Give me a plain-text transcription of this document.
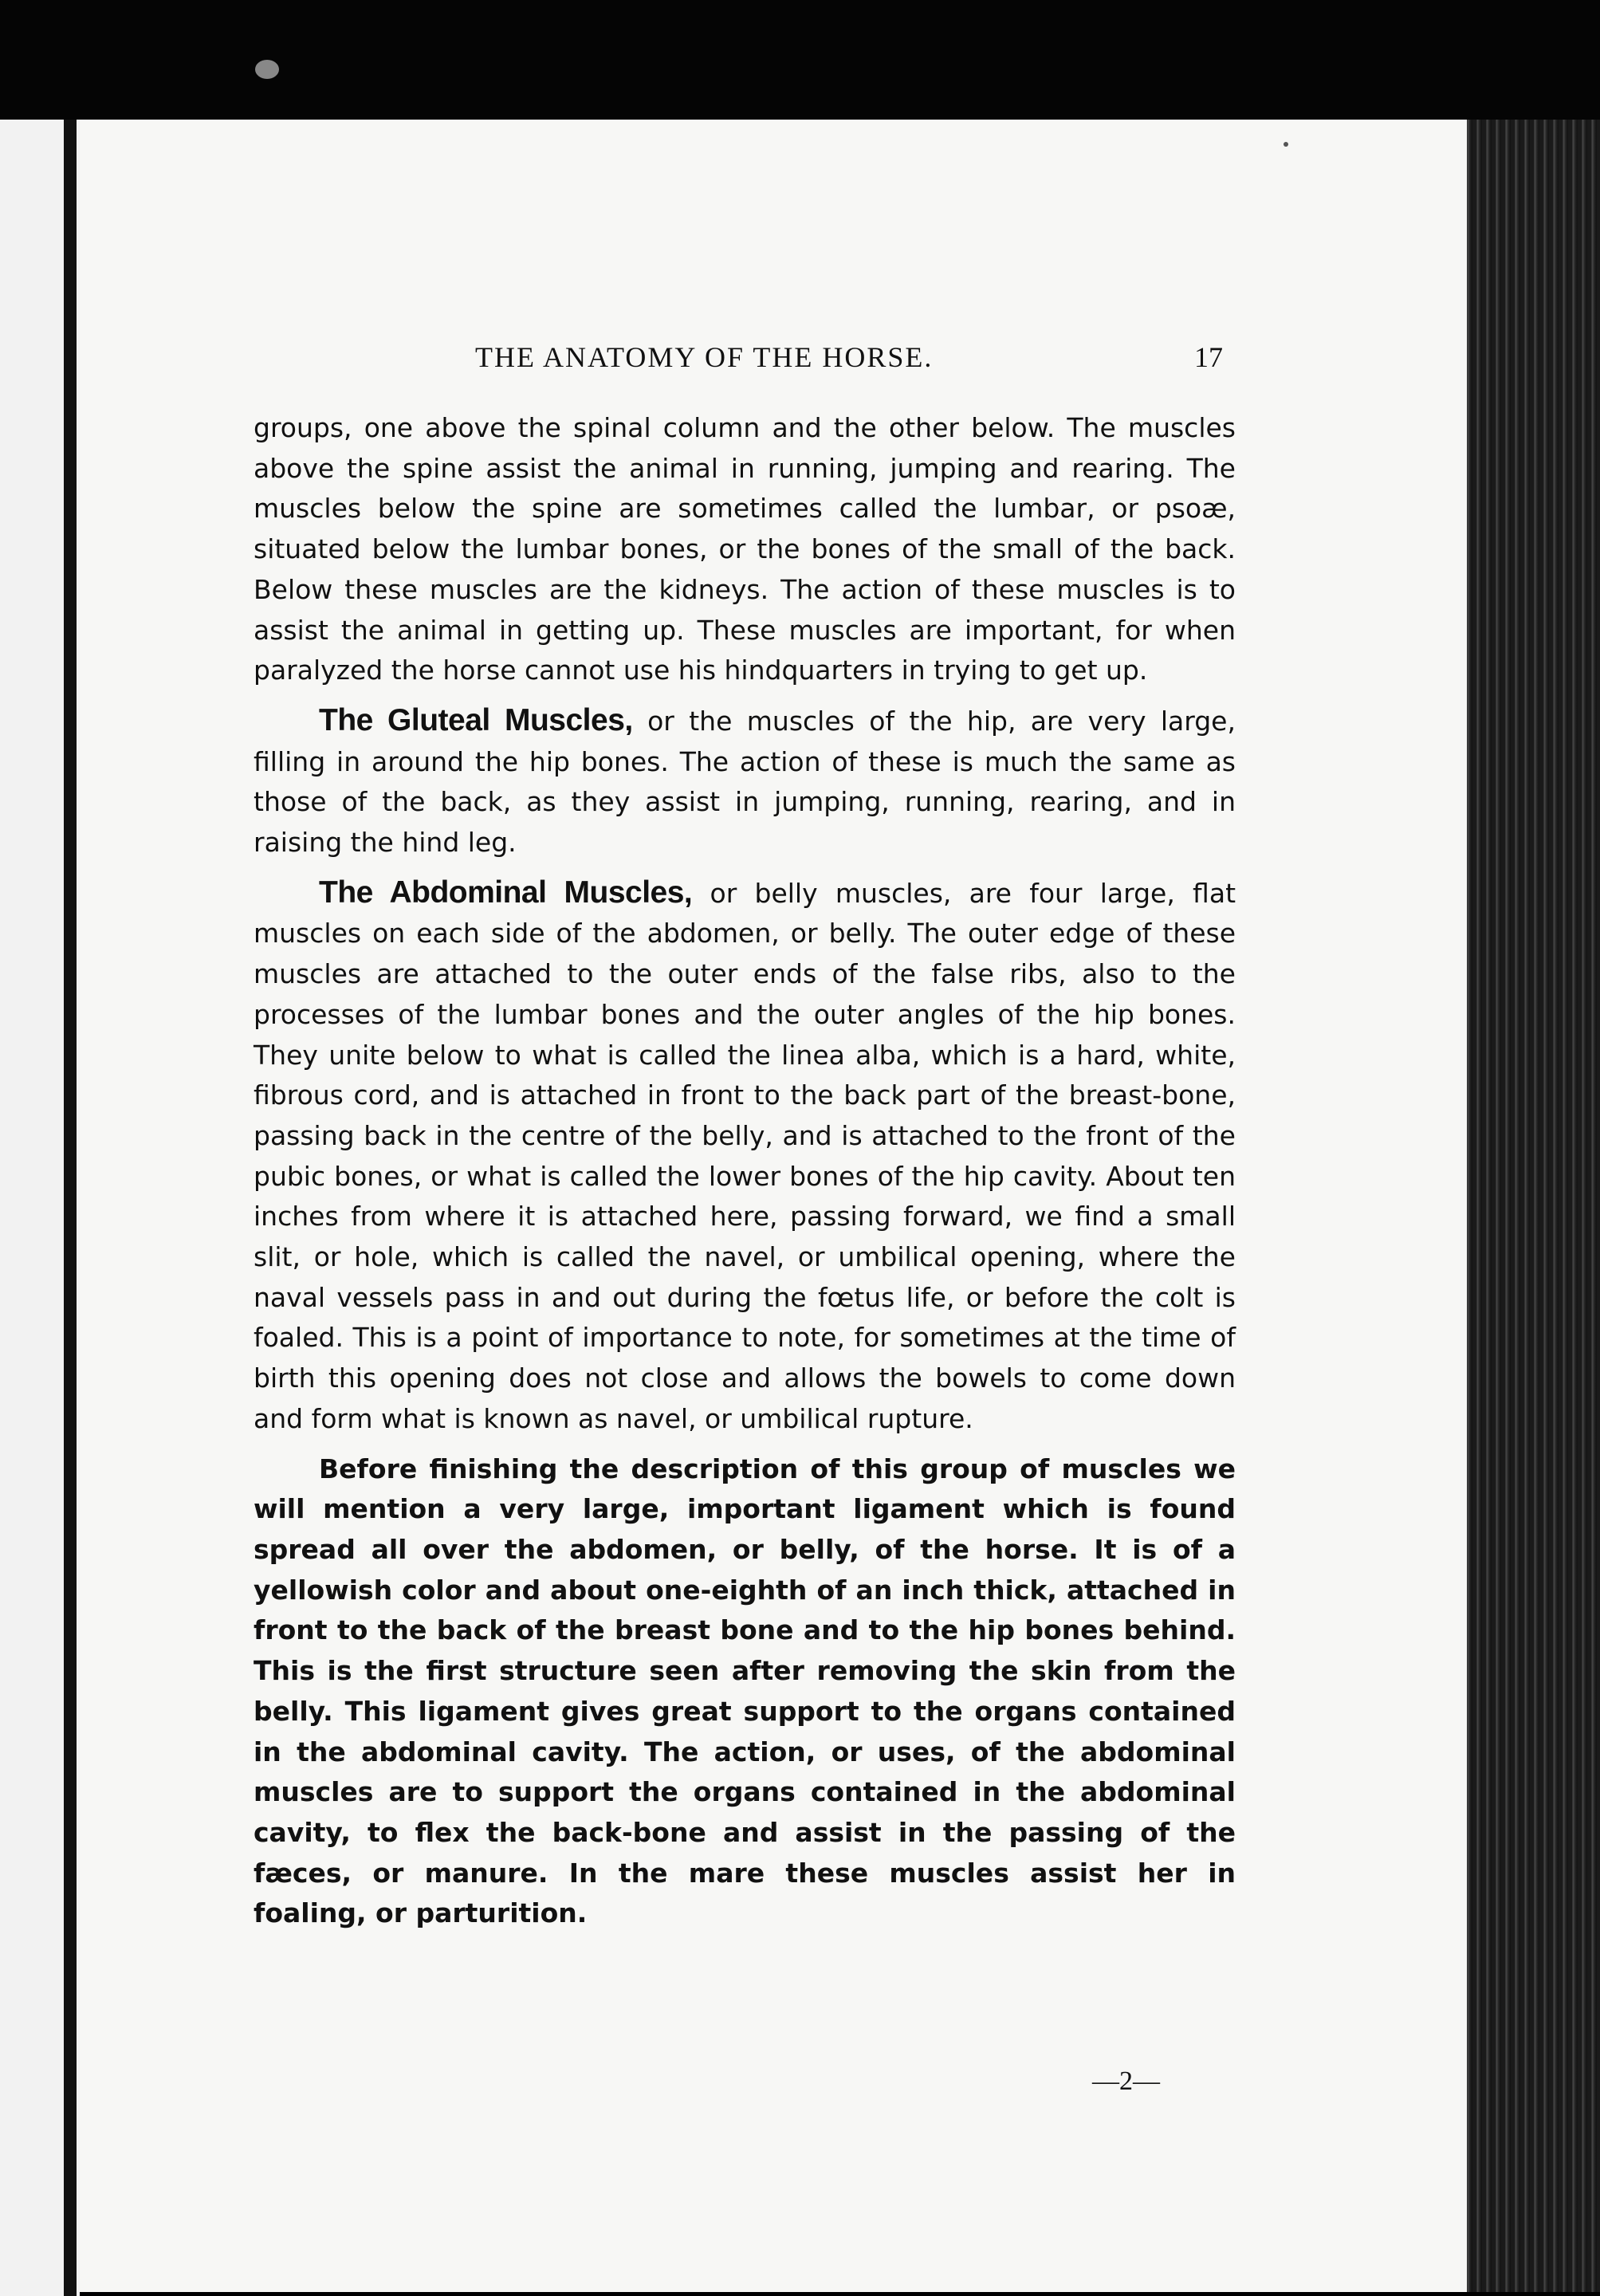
THE ANATOMY OF THE HORSE.	17

groups, one above the spinal column and the other below. The muscles above the spine assist the animal in running, jumping and rearing. The muscles below the spine are sometimes called the lumbar, or psoæ, situated below the lumbar bones, or the bones of the small of the back. Below these muscles are the kidneys. The action of these muscles is to assist the animal in getting up. These muscles are important, for when paralyzed the horse cannot use his hindquarters in trying to get up.

The Gluteal Muscles, or the muscles of the hip, are very large, filling in around the hip bones. The action of these is much the same as those of the back, as they assist in jumping, running, rearing, and in raising the hind leg.

The Abdominal Muscles, or belly muscles, are four large, flat muscles on each side of the abdomen, or belly. The outer edge of these muscles are attached to the outer ends of the false ribs, also to the processes of the lumbar bones and the outer angles of the hip bones. They unite below to what is called the linea alba, which is a hard, white, fibrous cord, and is attached in front to the back part of the breast-bone, passing back in the centre of the belly, and is attached to the front of the pubic bones, or what is called the lower bones of the hip cavity. About ten inches from where it is attached here, passing forward, we find a small slit, or hole, which is called the navel, or umbilical opening, where the naval vessels pass in and out during the fœtus life, or before the colt is foaled. This is a point of importance to note, for sometimes at the time of birth this opening does not close and allows the bowels to come down and form what is known as navel, or umbilical rupture.

Before finishing the description of this group of muscles we will mention a very large, important ligament which is found spread all over the abdomen, or belly, of the horse. It is of a yellowish color and about one-eighth of an inch thick, attached in front to the back of the breast bone and to the hip bones behind. This is the first structure seen after removing the skin from the belly. This ligament gives great support to the organs contained in the abdominal cavity. The action, or uses, of the abdominal muscles are to support the organs contained in the abdominal cavity, to flex the back-bone and assist in the passing of the fæces, or manure. In the mare these muscles assist her in foaling, or parturition.

—2—
